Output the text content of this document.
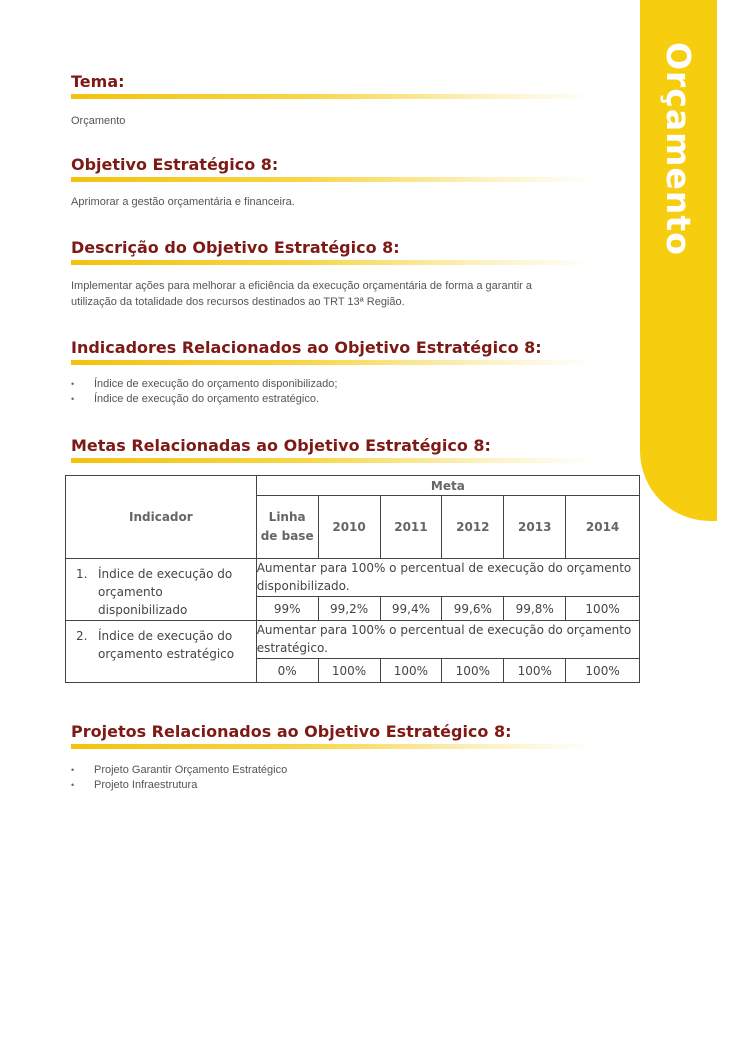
Orçamento
Tema:

Orçamento

Objetivo Estratégico 8:

Aprimorar a gestão orçamentária e financeira.

Descrição do Objetivo Estratégico 8:

Implementar ações para melhorar a eficiência da execução orçamentária de forma a garantir a
utilização da totalidade dos recursos destinados ao TRT 13ª Região.

Indicadores Relacionados ao Objetivo Estratégico 8:
• Índice de execução do orçamento disponibilizado;
• Índice de execução do orçamento estratégico.
Metas Relacionadas ao Objetivo Estratégico 8:
Indicador	Meta					
	Linha de base	2010	2011	2012	2013	2014

1. Índice de execução do orçamento disponibilizado	Aumentar para 100% o percentual de execução do orçamento disponibilizado.					
	99%	99,2%	99,4%	99,6%	99,8%	100%

2. Índice de execução do orçamento estratégico	Aumentar para 100% o percentual de execução do orçamento estratégico.					
	0%	100%	100%	100%	100%	100%
Projetos Relacionados ao Objetivo Estratégico 8:
• Projeto Garantir Orçamento Estratégico
• Projeto Infraestrutura
